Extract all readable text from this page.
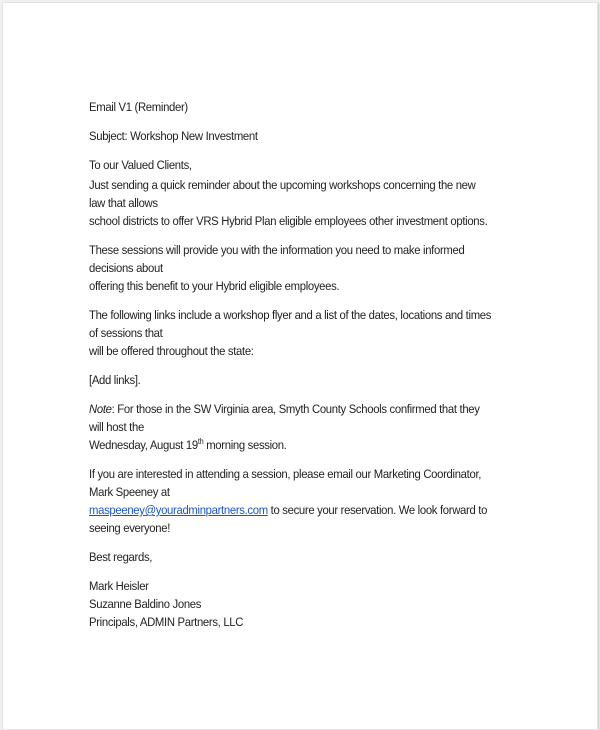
Email V1 (Reminder)

Subject: Workshop New Investment

To our Valued Clients,

Just sending a quick reminder about the upcoming workshops concerning the new law that allows
school districts to offer VRS Hybrid Plan eligible employees other investment options.

These sessions will provide you with the information you need to make informed decisions about
offering this benefit to your Hybrid eligible employees.

The following links include a workshop flyer and a list of the dates, locations and times of sessions that
will be offered throughout the state:

[Add links].

Note: For those in the SW Virginia area, Smyth County Schools confirmed that they will host the
Wednesday, August 19th morning session.

If you are interested in attending a session, please email our Marketing Coordinator, Mark Speeney at
maspeeney@youradminpartners.com to secure your reservation. We look forward to seeing everyone!

Best regards,

Mark Heisler

Suzanne Baldino Jones

Principals, ADMIN Partners, LLC
